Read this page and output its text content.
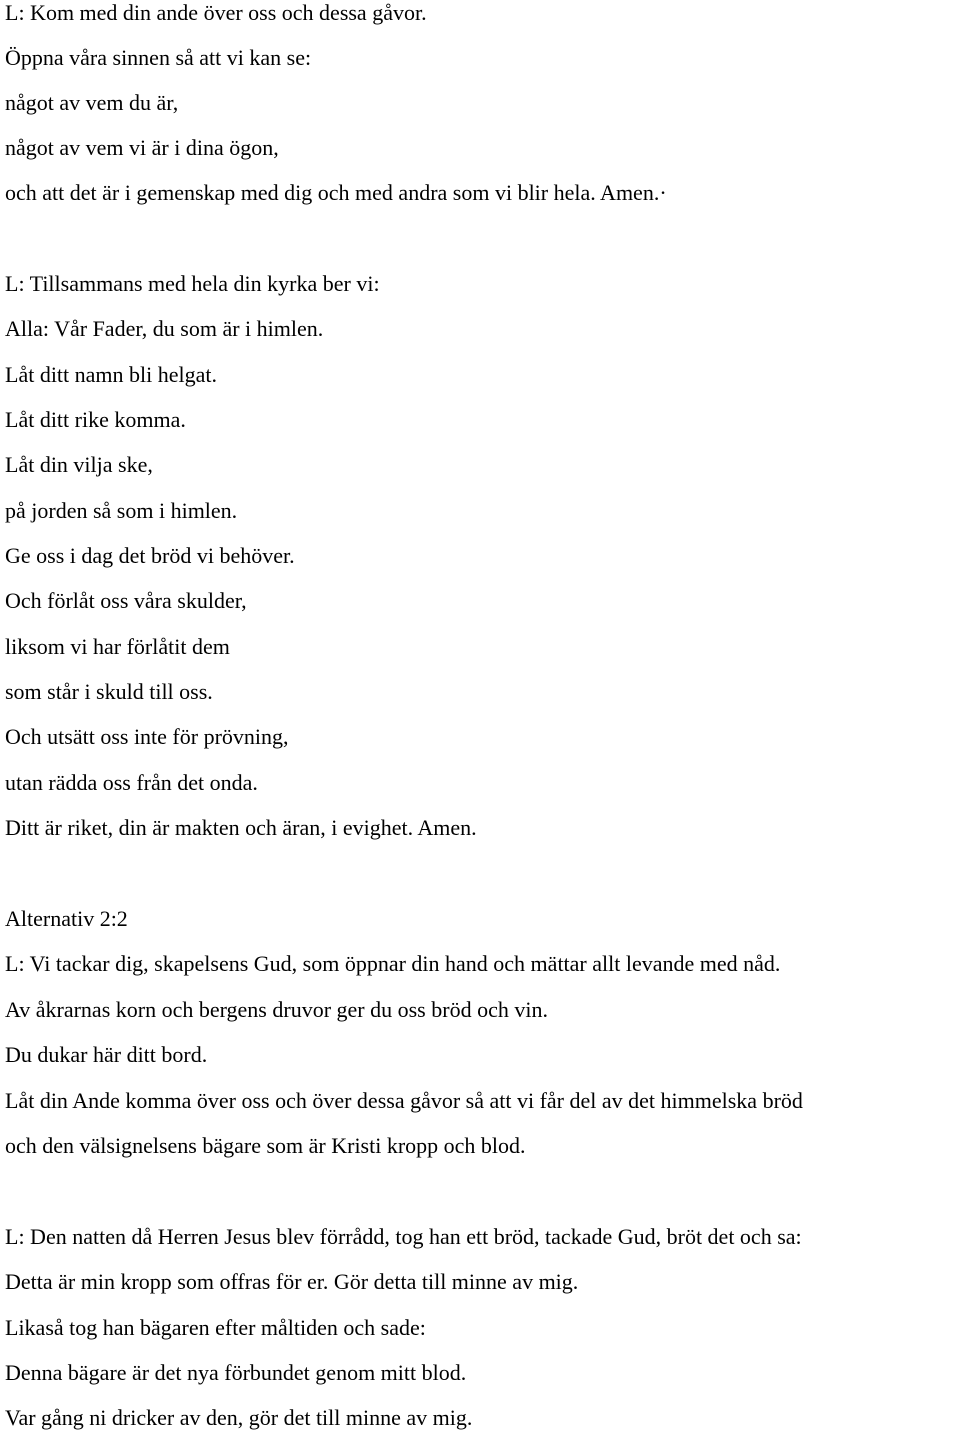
L: Kom med din ande över oss och dessa gåvor.
Öppna våra sinnen så att vi kan se:
något av vem du är,
något av vem vi är i dina ögon,
och att det är i gemenskap med dig och med andra som vi blir hela. Amen.·
L: Tillsammans med hela din kyrka ber vi:
Alla: Vår Fader, du som är i himlen.
Låt ditt namn bli helgat.
Låt ditt rike komma.
Låt din vilja ske,
på jorden så som i himlen.
Ge oss i dag det bröd vi behöver.
Och förlåt oss våra skulder,
liksom vi har förlåtit dem
som står i skuld till oss.
Och utsätt oss inte för prövning,
utan rädda oss från det onda.
Ditt är riket, din är makten och äran, i evighet. Amen.
Alternativ 2:2
L: Vi tackar dig, skapelsens Gud, som öppnar din hand och mättar allt levande med nåd.
Av åkrarnas korn och bergens druvor ger du oss bröd och vin.
Du dukar här ditt bord.
Låt din Ande komma över oss och över dessa gåvor så att vi får del av det himmelska bröd
och den välsignelsens bägare som är Kristi kropp och blod.
L: Den natten då Herren Jesus blev förrådd, tog han ett bröd, tackade Gud, bröt det och sa:
Detta är min kropp som offras för er. Gör detta till minne av mig.
Likaså tog han bägaren efter måltiden och sade:
Denna bägare är det nya förbundet genom mitt blod.
Var gång ni dricker av den, gör det till minne av mig.
